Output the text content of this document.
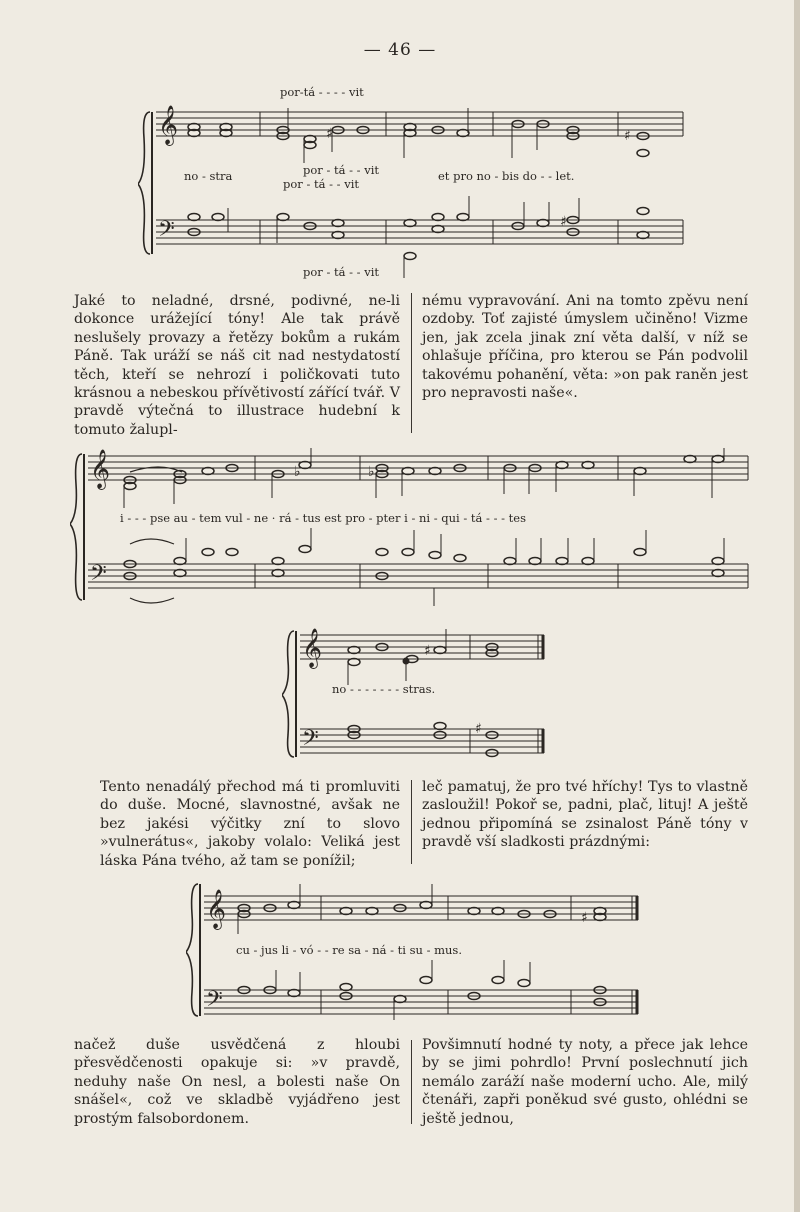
— 46 —
𝄞
𝄢
♯	♯
♯
por-tá - - - - vit
no - stra	por - tá - - vit
por - tá - - vit
et pro no - bis do - - let.
por - tá - - vit

Jaké to neladné, drsné, podivné, ne-li dokonce urážející tóny! Ale tak právě neslušely provazy a řetězy bokům a rukám Páně. Tak uráží se náš cit nad nestydatostí těch, kteří se nehrozí i poličkovati tuto krásnou a nebeskou přívětivostí zářící tvář. V pravdě výtečná to illustrace hudební k tomuto žalupl-

nému vypravování. Ani na tomto zpěvu není ozdoby. Toť zajisté úmyslem učiněno! Vizme jen, jak zcela jinak zní věta další, v níž se ohlašuje příčina, pro kterou se Pán podvolil takovému pohanění, věta: »on pak raněn jest pro nepravosti naše«.

𝄞
𝄢
♭	♭
i - - - pse au - tem vul - ne · rá - tus est pro - pter i - ni - qui - tá - - - tes
𝄞
𝄢
♯
♯
no - - - - - - - stras.

Tento nenadálý přechod má ti promluviti do duše. Mocné, slavnostné, avšak ne bez jakési výčitky zní to slovo »vulnerátus«, jakoby volalo: Veliká jest láska Pána tvého, až tam se ponížil;

leč pamatuj, že pro tvé hříchy! Tys to vlastně zasloužil! Pokoř se, padni, plač, lituj! A ještě jednou připomíná se zsinalost Páně tóny v pravdě vší sladkosti prázdnými:

𝄞
𝄢
♯
cu - jus li - vó - - re sa - ná - ti su - mus.

načež duše usvědčená z hloubi přesvědčenosti opakuje si: »v pravdě, neduhy naše On nesl, a bolesti naše On snášel«, což ve skladbě vyjádřeno jest prostým falsobordonem.

Povšimnutí hodné ty noty, a přece jak lehce by se jimi pohrdlo! První poslechnutí jich nemálo zaráží naše moderní ucho. Ale, milý čtenáři, zapři poněkud své gusto, ohlédni se ještě jednou,
